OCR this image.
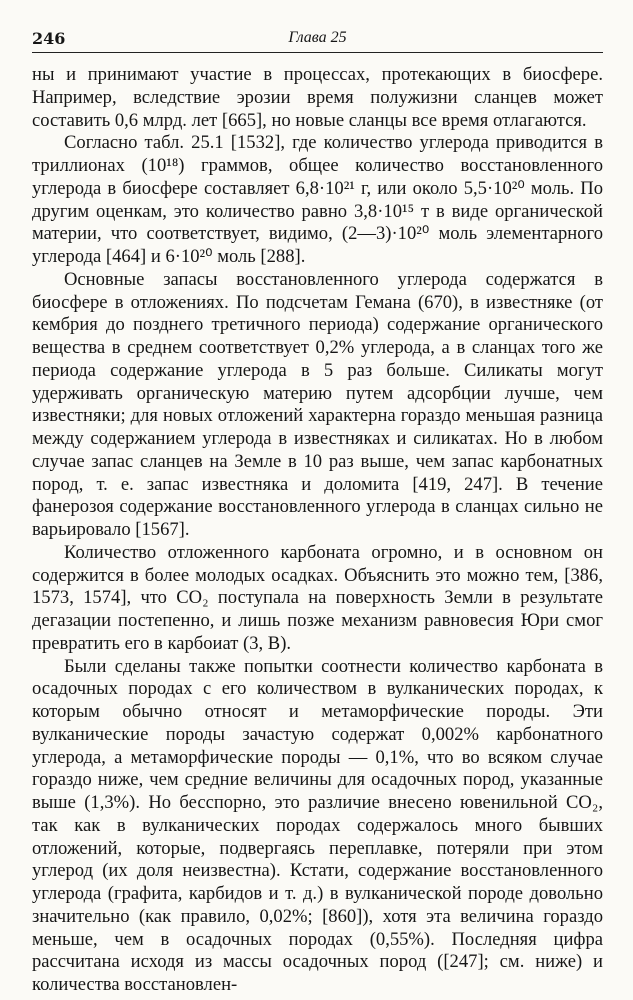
246	Глава 25

ны и принимают участие в процессах, протекающих в биосфере. Например, вследствие эрозии время полужизни сланцев может составить 0,6 млрд. лет [665], но новые сланцы все время отлагаются.

Согласно табл. 25.1 [1532], где количество углерода приводится в триллионах (10¹⁸) граммов, общее количество восстановленного углерода в биосфере составляет 6,8·10²¹ г, или около 5,5·10²⁰ моль. По другим оценкам, это количество равно 3,8·10¹⁵ т в виде органической материи, что соответствует, видимо, (2—3)·10²⁰ моль элементарного углерода [464] и 6·10²⁰ моль [288].

Основные запасы восстановленного углерода содержатся в биосфере в отложениях. По подсчетам Гемана (670), в известняке (от кембрия до позднего третичного периода) содержание органического вещества в среднем соответствует 0,2% углерода, а в сланцах того же периода содержание углерода в 5 раз больше. Силикаты могут удерживать органическую материю путем адсорбции лучше, чем известняки; для новых отложений характерна гораздо меньшая разница между содержанием углерода в известняках и силикатах. Но в любом случае запас сланцев на Земле в 10 раз выше, чем запас карбонатных пород, т. е. запас известняка и доломита [419, 247]. В течение фанерозоя содержание восстановленного углерода в сланцах сильно не варьировало [1567].

Количество отложенного карбоната огромно, и в основном он содержится в более молодых осадках. Объяснить это можно тем, [386, 1573, 1574], что CO₂ поступала на поверхность Земли в результате дегазации постепенно, и лишь позже механизм равновесия Юри смог превратить его в карбоиат (3, В).

Были сделаны также попытки соотнести количество карбоната в осадочных породах с его количеством в вулканических породах, к которым обычно относят и метаморфические породы. Эти вулканические породы зачастую содержат 0,002% карбонатного углерода, а метаморфические породы — 0,1%, что во всяком случае гораздо ниже, чем средние величины для осадочных пород, указанные выше (1,3%). Но бесспорно, это различие внесено ювенильной CO₂, так как в вулканических породах содержалось много бывших отложений, которые, подвергаясь переплавке, потеряли при этом углерод (их доля неизвестна). Кстати, содержание восстановленного углерода (графита, карбидов и т. д.) в вулканической породе довольно значительно (как правило, 0,02%; [860]), хотя эта величина гораздо меньше, чем в осадочных породах (0,55%). Последняя цифра рассчитана исходя из массы осадочных пород ([247]; см. ниже) и количества восстановлен-
